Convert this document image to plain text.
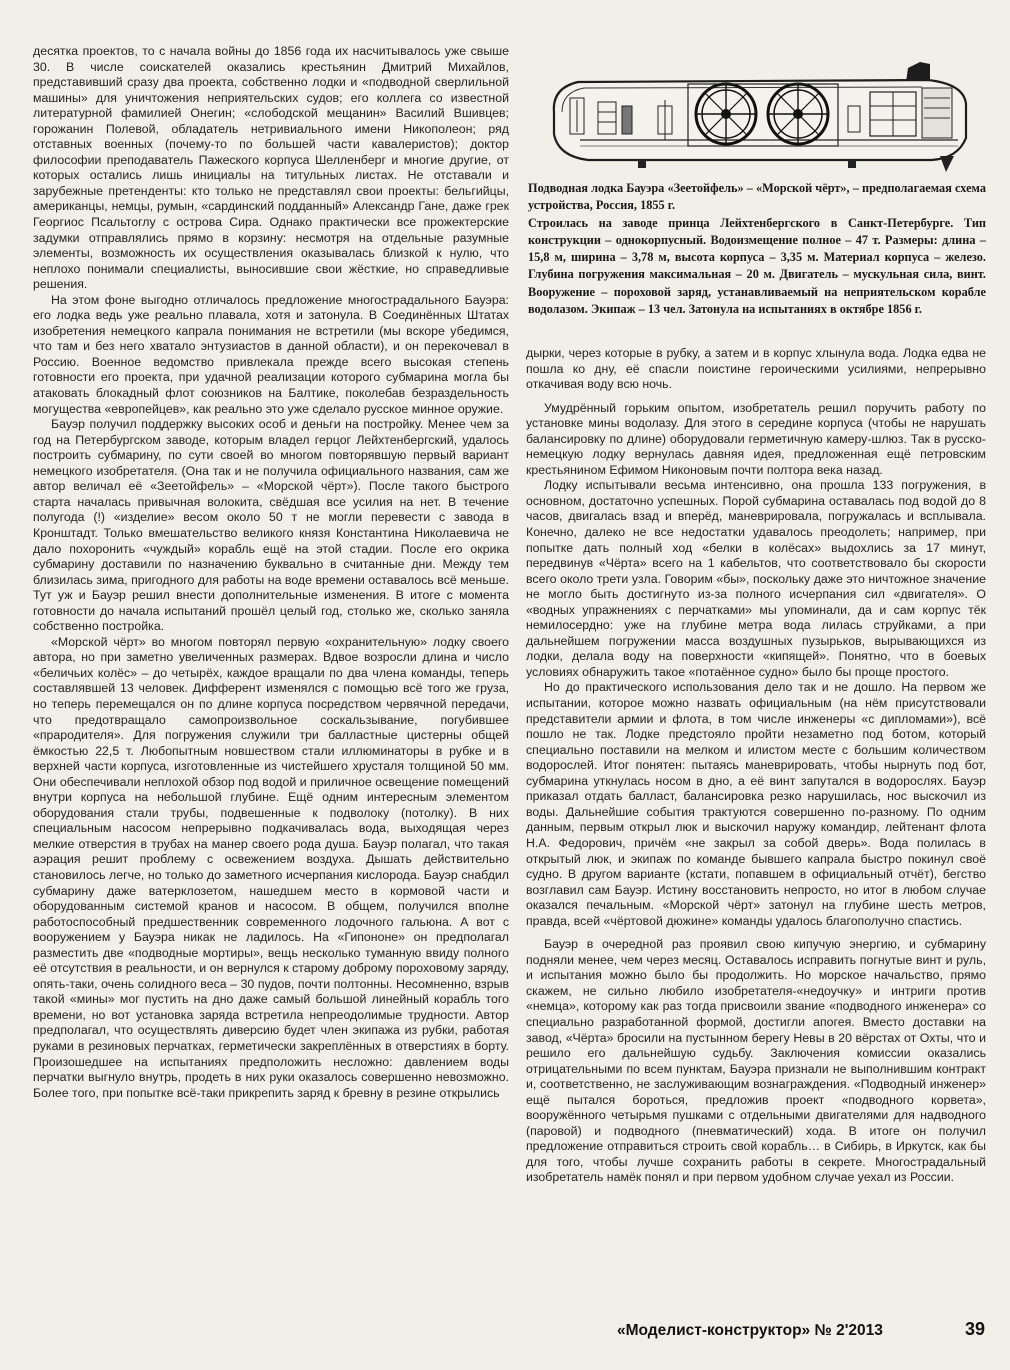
десятка проектов, то с начала войны до 1856 года их насчитывалось уже свыше 30. В числе соискателей оказались крестьянин Дмитрий Михайлов, представивший сразу два проекта, собственно лодки и «подводной сверлильной машины» для уничтожения неприятельских судов; его коллега со известной литературной фамилией Онегин; «слободской мещанин» Василий Вшивцев; горожанин Полевой, обладатель нетривиального имени Никополеон; ряд отставных военных (почему-то по большей части кавалеристов); доктор философии преподаватель Пажеского корпуса Шелленберг и многие другие, от которых остались лишь инициалы на титульных листах. Не отставали и зарубежные претенденты: кто только не представлял свои проекты: бельгийцы, американцы, немцы, румын, «сардинский подданный» Александр Гане, даже грек Георгиос Псальтоглу с острова Сира. Однако практически все прожектерские задумки отправлялись прямо в корзину: несмотря на отдельные разумные элементы, возможность их осуществления оказывалась близкой к нулю, что неплохо понимали специалисты, выносившие свои жёсткие, но справедливые решения.

На этом фоне выгодно отличалось предложение многострадального Бауэра: его лодка ведь уже реально плавала, хотя и затонула. В Соединённых Штатах изобретения немецкого капрала понимания не встретили (мы вскоре убедимся, что там и без него хватало энтузиастов в данной области), и он перекочевал в Россию. Военное ведомство привлекала прежде всего высокая степень готовности его проекта, при удачной реализации которого субмарина могла бы атаковать блокадный флот союзников на Балтике, поколебав безраздельность могущества «европейцев», как реально это уже сделало русское минное оружие.

Бауэр получил поддержку высоких особ и деньги на постройку. Менее чем за год на Петербургском заводе, которым владел герцог Лейхтенбергский, удалось построить субмарину, по сути своей во многом повторявшую первый вариант немецкого изобретателя. (Она так и не получила официального названия, сам же автор величал её «Зеетойфель» – «Морской чёрт»). После такого быстрого старта началась привычная волокита, свёдшая все усилия на нет. В течение полугода (!) «изделие» весом около 50 т не могли перевести с завода в Кронштадт. Только вмешательство великого князя Константина Николаевича не дало похоронить «чуждый» корабль ещё на этой стадии. После его окрика субмарину доставили по назначению буквально в считанные дни. Между тем близилась зима, пригодного для работы на воде времени оставалось всё меньше. Тут уж и Бауэр решил внести дополнительные изменения. В итоге с момента готовности до начала испытаний прошёл целый год, столько же, сколько заняла собственно постройка.

«Морской чёрт» во многом повторял первую «охранительную» лодку своего автора, но при заметно увеличенных размерах. Вдвое возросли длина и число «беличьих колёс» – до четырёх, каждое вращали по два члена команды, теперь составлявшей 13 человек. Дифферент изменялся с помощью всё того же груза, но теперь перемещался он по длине корпуса посредством червячной передачи, что предотвращало самопроизвольное соскальзывание, погубившее «прародителя». Для погружения служили три балластные цистерны общей ёмкостью 22,5 т. Любопытным новшеством стали иллюминаторы в рубке и в верхней части корпуса, изготовленные из чистейшего хрусталя толщиной 50 мм. Они обеспечивали неплохой обзор под водой и приличное освещение помещений внутри корпуса на небольшой глубине. Ещё одним интересным элементом оборудования стали трубы, подвешенные к подволоку (потолку). В них специальным насосом непрерывно подкачивалась вода, выходящая через мелкие отверстия в трубах на манер своего рода душа. Бауэр полагал, что такая аэрация решит проблему с освежением воздуха. Дышать действительно становилось легче, но только до заметного исчерпания кислорода. Бауэр снабдил субмарину даже ватерклозетом, нашедшем место в кормовой части и оборудованным системой кранов и насосом. В общем, получился вполне работоспособный предшественник современного лодочного гальюна. А вот с вооружением у Бауэра никак не ладилось. На «Гипононе» он предполагал разместить две «подводные мортиры», вещь несколько туманную ввиду полного её отсутствия в реальности, и он вернулся к старому доброму пороховому заряду, опять-таки, очень солидного веса – 30 пудов, почти полтонны. Несомненно, взрыв такой «мины» мог пустить на дно даже самый большой линейный корабль того времени, но вот установка заряда встретила непреодолимые трудности. Автор предполагал, что осуществлять диверсию будет член экипажа из рубки, работая руками в резиновых перчатках, герметически закреплённых в отверстиях в борту. Произошедшее на испытаниях предположить несложно: давлением воды перчатки выгнуло внутрь, продеть в них руки оказалось совершенно невозможно. Более того, при попытке всё-таки прикрепить заряд к бревну в резине открылись

Подводная лодка Бауэра «Зеетойфель» – «Морской чёрт», – предполагаемая схема устройства, Россия, 1855 г.

Строилась на заводе принца Лейхтенбергского в Санкт-Петербурге. Тип конструкции – однокорпусный. Водоизмещение полное – 47 т. Размеры: длина – 15,8 м, ширина – 3,78 м, высота корпуса – 3,35 м. Материал корпуса – железо. Глубина погружения максимальная – 20 м. Двигатель – мускульная сила, винт. Вооружение – пороховой заряд, устанавливаемый на неприятельском корабле водолазом. Экипаж – 13 чел. Затонула на испытаниях в октябре 1856 г.

дырки, через которые в рубку, а затем и в корпус хлынула вода. Лодка едва не пошла ко дну, её спасли поистине героическими усилиями, непрерывно откачивая воду всю ночь.

Умудрённый горьким опытом, изобретатель решил поручить работу по установке мины водолазу. Для этого в середине корпуса (чтобы не нарушать балансировку по длине) оборудовали герметичную камеру-шлюз. Так в русско-немецкую лодку вернулась давняя идея, предложенная ещё петровским крестьянином Ефимом Никоновым почти полтора века назад.

Лодку испытывали весьма интенсивно, она прошла 133 погружения, в основном, достаточно успешных. Порой субмарина оставалась под водой до 8 часов, двигалась взад и вперёд, маневрировала, погружалась и всплывала. Конечно, далеко не все недостатки удавалось преодолеть; например, при попытке дать полный ход «белки в колёсах» выдохлись за 17 минут, передвинув «Чёрта» всего на 1 кабельтов, что соответствовало бы скорости всего около трети узла. Говорим «бы», поскольку даже это ничтожное значение не могло быть достигнуто из-за полного исчерпания сил «двигателя». О «водных упражнениях с перчатками» мы упоминали, да и сам корпус тёк немилосердно: уже на глубине метра вода лилась струйками, а при дальнейшем погружении масса воздушных пузырьков, вырывающихся из лодки, делала воду на поверхности «кипящей». Понятно, что в боевых условиях обнаружить такое «потаённое судно» было бы проще простого.

Но до практического использования дело так и не дошло. На первом же испытании, которое можно назвать официальным (на нём присутствовали представители армии и флота, в том числе инженеры «с дипломами»), всё пошло не так. Лодке предстояло пройти незаметно под ботом, который специально поставили на мелком и илистом месте с большим количеством водорослей. Итог понятен: пытаясь маневрировать, чтобы нырнуть под бот, субмарина уткнулась носом в дно, а её винт запутался в водорослях. Бауэр приказал отдать балласт, балансировка резко нарушилась, нос выскочил из воды. Дальнейшие события трактуются совершенно по-разному. По одним данным, первым открыл люк и выскочил наружу командир, лейтенант флота Н.А. Федорович, причём «не закрыл за собой дверь». Вода полилась в открытый люк, и экипаж по команде бывшего капрала быстро покинул своё судно. В другом варианте (кстати, попавшем в официальный отчёт), бегство возглавил сам Бауэр. Истину восстановить непросто, но итог в любом случае оказался печальным. «Морской чёрт» затонул на глубине шесть метров, правда, всей «чёртовой дюжине» команды удалось благополучно спастись.

Бауэр в очередной раз проявил свою кипучую энергию, и субмарину подняли менее, чем через месяц. Оставалось исправить погнутые винт и руль, и испытания можно было бы продолжить. Но морское начальство, прямо скажем, не сильно любило изобретателя-«недоучку» и интриги против «немца», которому как раз тогда присвоили звание «подводного инженера» со специально разработанной формой, достигли апогея. Вместо доставки на завод, «Чёрта» бросили на пустынном берегу Невы в 20 вёрстах от Охты, что и решило его дальнейшую судьбу. Заключения комиссии оказались отрицательными по всем пунктам, Бауэра признали не выполнившим контракт и, соответственно, не заслуживающим вознаграждения. «Подводный инженер» ещё пытался бороться, предложив проект «подводного корвета», вооружённого четырьмя пушками с отдельными двигателями для надводного (паровой) и подводного (пневматический) хода. В итоге он получил предложение отправиться строить свой корабль… в Сибирь, в Иркутск, как бы для того, чтобы лучше сохранить работы в секрете. Многострадальный изобретатель намёк понял и при первом удобном случае уехал из России.

«Моделист-конструктор» № 2'2013	39
